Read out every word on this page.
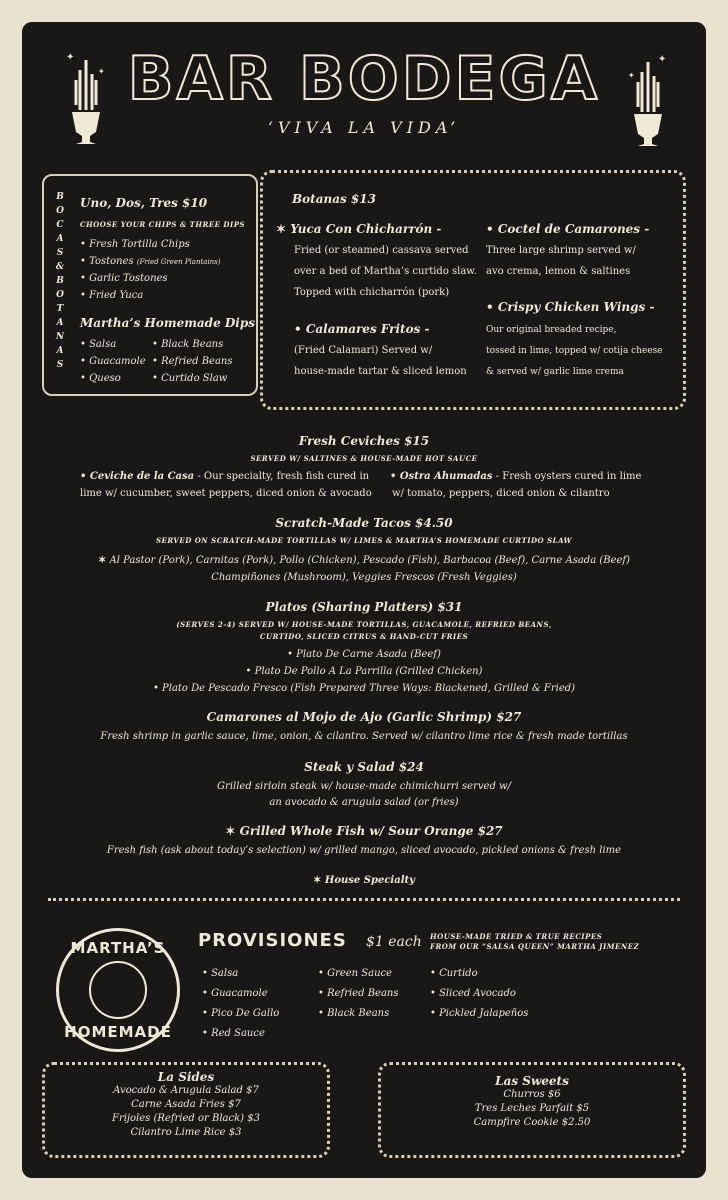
✦
✦
✦
✦
BAR BODEGA
‘VIVA LA VIDA’
B
O
C
A
S
&
B
O
T
A
N
A
S
Uno, Dos, Tres $10
CHOOSE YOUR CHIPS & THREE DIPS
• Fresh Tortilla Chips
• Tostones (Fried Green Plantains)
• Garlic Tostones
• Fried Yuca
Martha’s Homemade Dips
• Salsa
• Guacamole
• Queso
• Black Beans
• Refried Beans
• Curtido Slaw
Botanas $13
✶ Yuca Con Chicharrón -
Fried (or steamed) cassava served
over a bed of Martha’s curtido slaw.
Topped with chicharrón (pork)
• Calamares Fritos -
(Fried Calamari) Served w/
house-made tartar & sliced lemon
• Coctel de Camarones -
Three large shrimp served w/
avo crema, lemon & saltines
• Crispy Chicken Wings -
Our original breaded recipe,
tossed in lime, topped w/ cotija cheese
& served w/ garlic lime crema
Fresh Ceviches $15
SERVED W/ SALTINES & HOUSE-MADE HOT SAUCE
• Ceviche de la Casa - Our specialty, fresh fish cured in
lime w/ cucumber, sweet peppers, diced onion & avocado
• Ostra Ahumadas - Fresh oysters cured in lime
w/ tomato, peppers, diced onion & cilantro
Scratch-Made Tacos $4.50
SERVED ON SCRATCH-MADE TORTILLAS W/ LIMES & MARTHA’S HOMEMADE CURTIDO SLAW
✶ Al Pastor (Pork), Carnitas (Pork), Pollo (Chicken), Pescado (Fish), Barbacoa (Beef), Carne Asada (Beef)
Champiñones (Mushroom), Veggies Frescos (Fresh Veggies)
Platos (Sharing Platters) $31
(SERVES 2-4) SERVED W/ HOUSE-MADE TORTILLAS, GUACAMOLE, REFRIED BEANS,
CURTIDO, SLICED CITRUS & HAND-CUT FRIES
• Plato De Carne Asada (Beef)
• Plato De Pollo A La Parrilla (Grilled Chicken)
• Plato De Pescado Fresco (Fish Prepared Three Ways: Blackened, Grilled & Fried)
Camarones al Mojo de Ajo (Garlic Shrimp) $27
Fresh shrimp in garlic sauce, lime, onion, & cilantro. Served w/ cilantro lime rice & fresh made tortillas
Steak y Salad $24
Grilled sirloin steak w/ house-made chimichurri served w/
an avocado & arugula salad (or fries)
✶ Grilled Whole Fish w/ Sour Orange $27
Fresh fish (ask about today’s selection) w/ grilled mango, sliced avocado, pickled onions & fresh lime
✶ House Specialty
MARTHA’S
HOMEMADE
PROVISIONES $1 each HOUSE-MADE TRIED & TRUE RECIPES
FROM OUR “SALSA QUEEN” MARTHA JIMENEZ
• Salsa
• Guacamole
• Pico De Gallo
• Red Sauce
• Green Sauce
• Refried Beans
• Black Beans
• Curtido
• Sliced Avocado
• Pickled Jalapeños
La Sides
Avocado & Arugula Salad $7
Carne Asada Fries $7
Frijoles (Refried or Black) $3
Cilantro Lime Rice $3
Las Sweets
Churros $6
Tres Leches Parfait $5
Campfire Cookie $2.50
